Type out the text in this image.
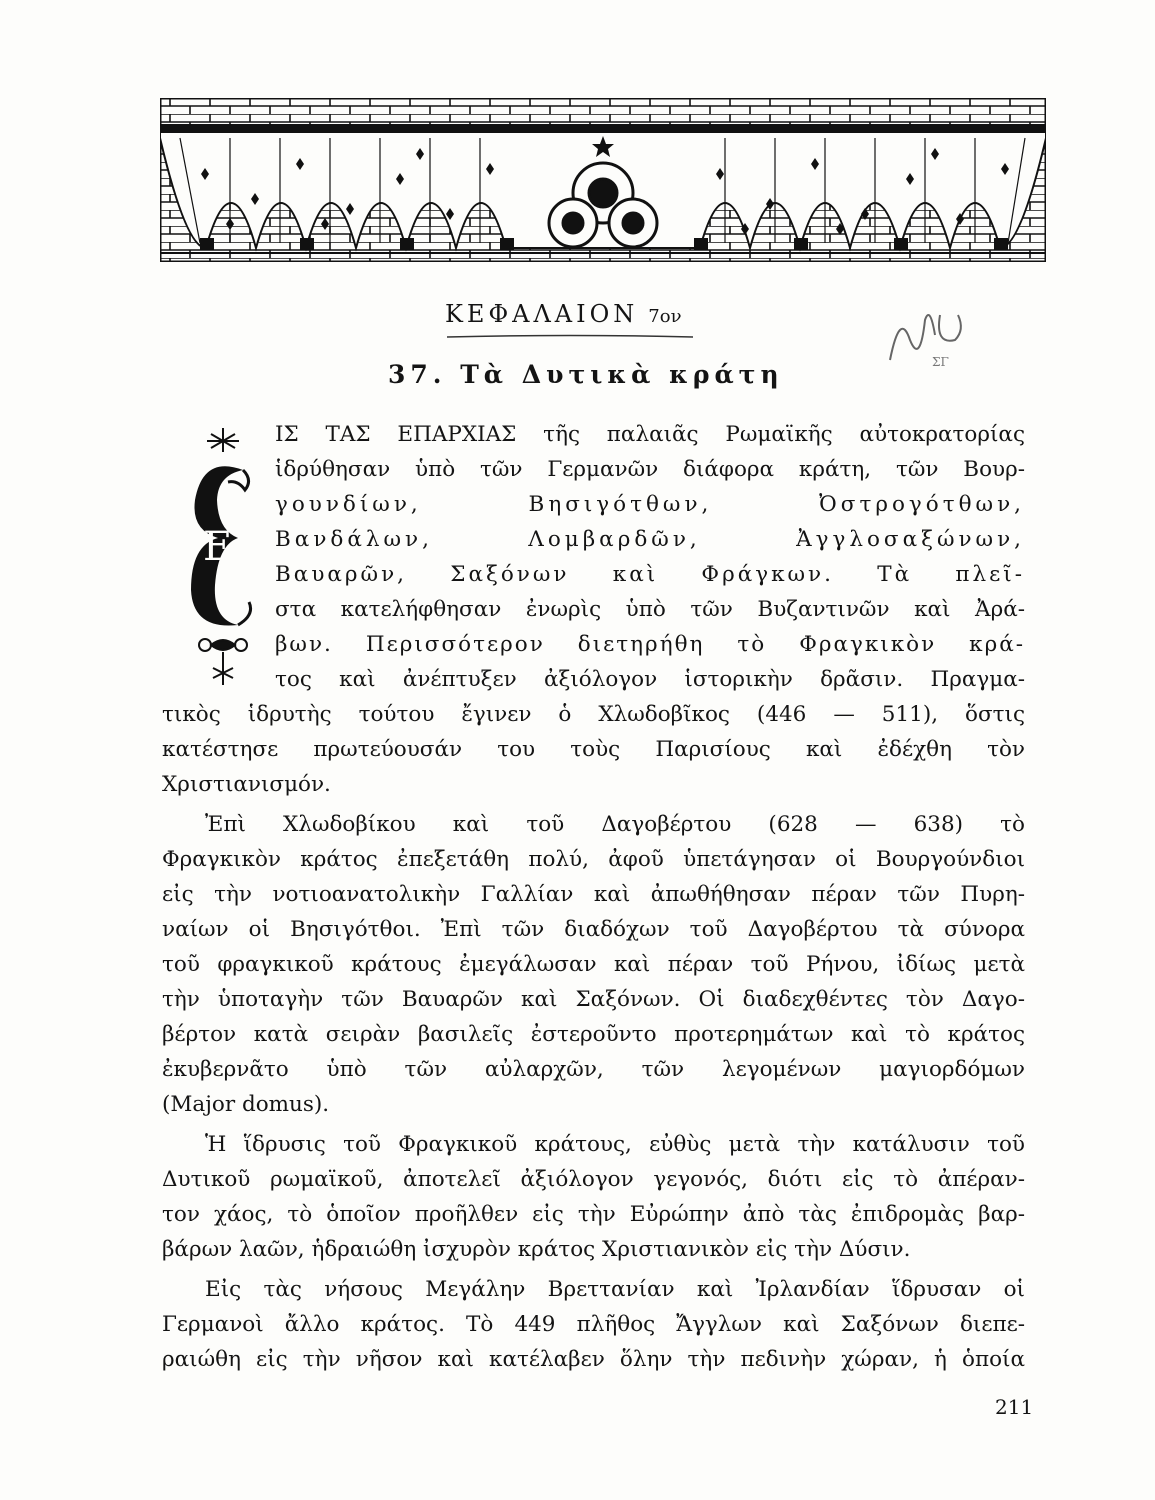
ΚΕΦΑΛΑΙΟΝ 7ον
ΣΓ
37. Τὰ Δυτικὰ κράτη
Ε
ΙΣ ΤΑΣ ΕΠΑΡΧΙΑΣ τῆς παλαιᾶς Ρωμαϊκῆς αὐτοκρατορίας
ἱδρύθησαν ὑπὸ τῶν Γερμανῶν διάφορα κράτη, τῶν Βουρ-
γουνδίων, Βησιγότθων, Ὀστρογότθων,
Βανδάλων, Λομβαρδῶν, Ἀγγλοσαξώνων,
Βαυαρῶν, Σαξόνων καὶ Φράγκων. Τὰ πλεῖ-
στα κατελήφθησαν ἐνωρὶς ὑπὸ τῶν Βυζαντινῶν καὶ Ἀρά-
βων. Περισσότερον διετηρήθη τὸ Φραγκικὸν κρά-
τος καὶ ἀνέπτυξεν ἀξιόλογον ἱστορικὴν δρᾶσιν. Πραγμα-
τικὸς ἱδρυτὴς τούτου ἔγινεν ὁ Χλωδοβῖκος (446 — 511), ὅστις
κατέστησε πρωτεύουσάν του τοὺς Παρισίους καὶ ἐδέχθη τὸν
Χριστιανισμόν.
Ἐπὶ Χλωδοβίκου καὶ τοῦ Δαγοβέρτου (628 — 638) τὸ
Φραγκικὸν κράτος ἐπεξετάθη πολύ, ἀφοῦ ὑπετάγησαν οἱ Βουργούνδιοι
εἰς τὴν νοτιοανατολικὴν Γαλλίαν καὶ ἀπωθήθησαν πέραν τῶν Πυρη-
ναίων οἱ Βησιγότθοι. Ἐπὶ τῶν διαδόχων τοῦ Δαγοβέρτου τὰ σύνορα
τοῦ φραγκικοῦ κράτους ἐμεγάλωσαν καὶ πέραν τοῦ Ρήνου, ἰδίως μετὰ
τὴν ὑποταγὴν τῶν Βαυαρῶν καὶ Σαξόνων. Οἱ διαδεχθέντες τὸν Δαγο-
βέρτον κατὰ σειρὰν βασιλεῖς ἐστεροῦντο προτερημάτων καὶ τὸ κράτος
ἐκυβερνᾶτο ὑπὸ τῶν αὐλαρχῶν, τῶν λεγομένων μαγιορδόμων
(Major domus).
Ἡ ἵδρυσις τοῦ Φραγκικοῦ κράτους, εὐθὺς μετὰ τὴν κατάλυσιν τοῦ
Δυτικοῦ ρωμαϊκοῦ, ἀποτελεῖ ἀξιόλογον γεγονός, διότι εἰς τὸ ἀπέραν-
τον χάος, τὸ ὁποῖον προῆλθεν εἰς τὴν Εὐρώπην ἀπὸ τὰς ἐπιδρομὰς βαρ-
βάρων λαῶν, ἡδραιώθη ἰσχυρὸν κράτος Χριστιανικὸν εἰς τὴν Δύσιν.
Εἰς τὰς νήσους Μεγάλην Βρεττανίαν καὶ Ἰρλανδίαν ἵδρυσαν οἱ
Γερμανοὶ ἄλλο κράτος. Τὸ 449 πλῆθος Ἄγγλων καὶ Σαξόνων διεπε-
ραιώθη εἰς τὴν νῆσον καὶ κατέλαβεν ὅλην τὴν πεδινὴν χώραν, ἡ ὁποία
211
